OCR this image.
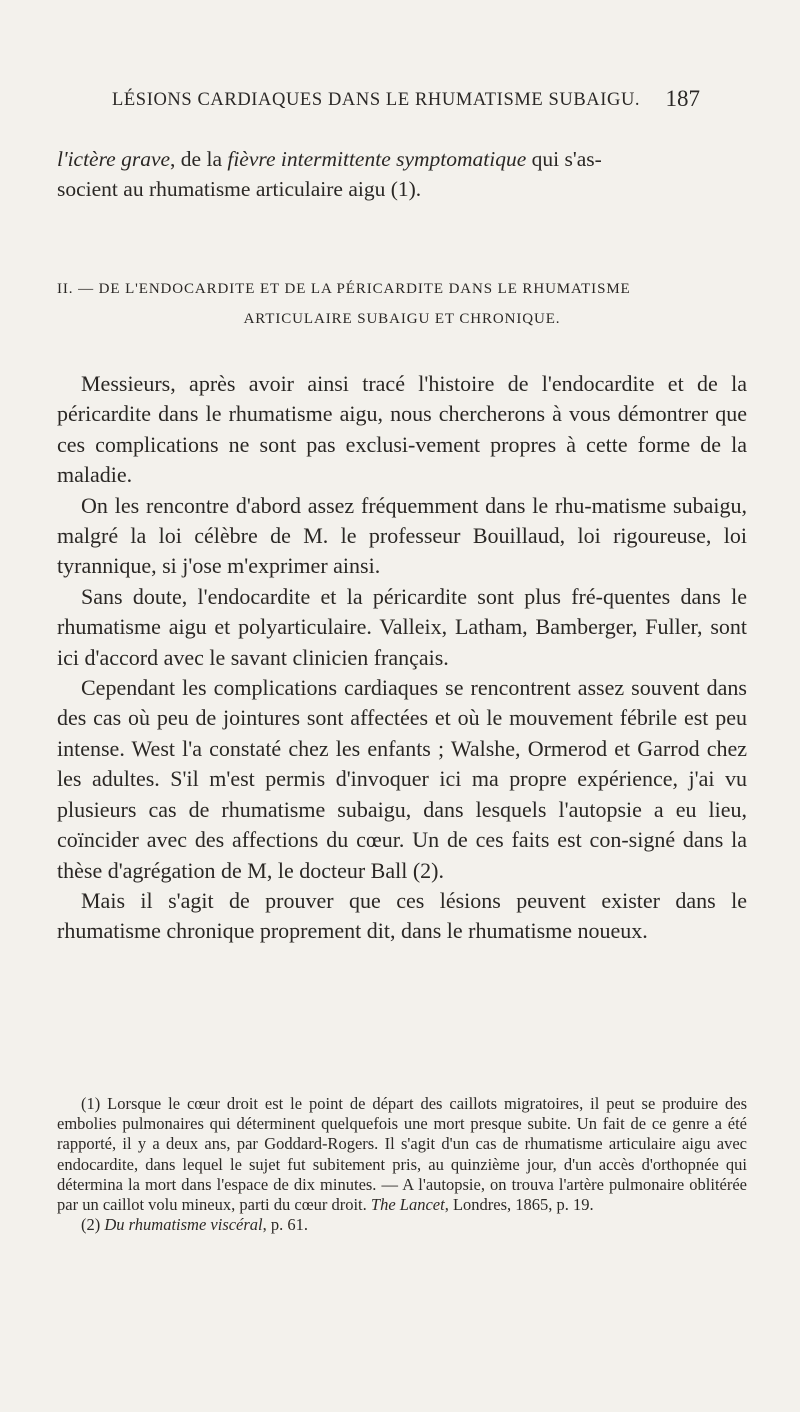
LÉSIONS CARDIAQUES DANS LE RHUMATISME SUBAIGU. 187
l'ictère grave, de la fièvre intermittente symptomatique qui s'as-
socient au rhumatisme articulaire aigu (1).
II. — DE L'ENDOCARDITE ET DE LA PÉRICARDITE DANS LE RHUMATISME
ARTICULAIRE SUBAIGU ET CHRONIQUE.

Messieurs, après avoir ainsi tracé l'histoire de l'endocardite et de la péricardite dans le rhumatisme aigu, nous chercherons à vous démontrer que ces complications ne sont pas exclusi-vement propres à cette forme de la maladie.

On les rencontre d'abord assez fréquemment dans le rhu-matisme subaigu, malgré la loi célèbre de M. le professeur Bouillaud, loi rigoureuse, loi tyrannique, si j'ose m'exprimer ainsi.

Sans doute, l'endocardite et la péricardite sont plus fré-quentes dans le rhumatisme aigu et polyarticulaire. Valleix, Latham, Bamberger, Fuller, sont ici d'accord avec le savant clinicien français.

Cependant les complications cardiaques se rencontrent assez souvent dans des cas où peu de jointures sont affectées et où le mouvement fébrile est peu intense. West l'a constaté chez les enfants ; Walshe, Ormerod et Garrod chez les adultes. S'il m'est permis d'invoquer ici ma propre expérience, j'ai vu plusieurs cas de rhumatisme subaigu, dans lesquels l'autopsie a eu lieu, coïncider avec des affections du cœur. Un de ces faits est con-signé dans la thèse d'agrégation de M, le docteur Ball (2).

Mais il s'agit de prouver que ces lésions peuvent exister dans le rhumatisme chronique proprement dit, dans le rhumatisme noueux.

(1) Lorsque le cœur droit est le point de départ des caillots migratoires, il peut se produire des embolies pulmonaires qui déterminent quelquefois une mort presque subite. Un fait de ce genre a été rapporté, il y a deux ans, par Goddard-Rogers. Il s'agit d'un cas de rhumatisme articulaire aigu avec endocardite, dans lequel le sujet fut subitement pris, au quinzième jour, d'un accès d'orthopnée qui détermina la mort dans l'espace de dix minutes. — A l'autopsie, on trouva l'artère pulmonaire oblitérée par un caillot volu mineux, parti du cœur droit. The Lancet, Londres, 1865, p. 19.

(2) Du rhumatisme viscéral, p. 61.
